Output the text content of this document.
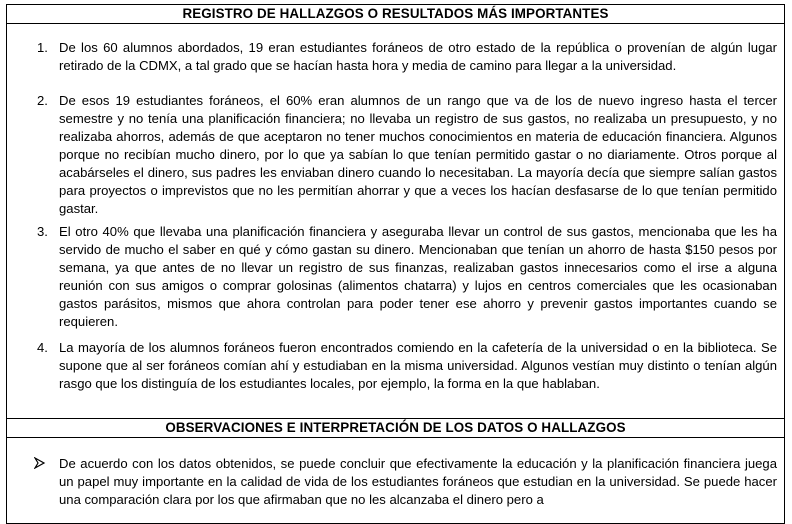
REGISTRO DE HALLAZGOS O RESULTADOS MÁS IMPORTANTES
1. De los 60 alumnos abordados, 19 eran estudiantes foráneos de otro estado de la república o provenían de algún lugar retirado de la CDMX, a tal grado que se hacían hasta hora y media de camino para llegar a la universidad.
2. De esos 19 estudiantes foráneos, el 60% eran alumnos de un rango que va de los de nuevo ingreso hasta el tercer semestre y no tenía una planificación financiera; no llevaba un registro de sus gastos, no realizaba un presupuesto, y no realizaba ahorros, además de que aceptaron no tener muchos conocimientos en materia de educación financiera. Algunos porque no recibían mucho dinero, por lo que ya sabían lo que tenían permitido gastar o no diariamente. Otros porque al acabárseles el dinero, sus padres les enviaban dinero cuando lo necesitaban. La mayoría decía que siempre salían gastos para proyectos o imprevistos que no les permitían ahorrar y que a veces los hacían desfasarse de lo que tenían permitido gastar.
3. El otro 40% que llevaba una planificación financiera y aseguraba llevar un control de sus gastos, mencionaba que les ha servido de mucho el saber en qué y cómo gastan su dinero. Mencionaban que tenían un ahorro de hasta $150 pesos por semana, ya que antes de no llevar un registro de sus finanzas, realizaban gastos innecesarios como el irse a alguna reunión con sus amigos o comprar golosinas (alimentos chatarra) y lujos en centros comerciales que les ocasionaban gastos parásitos, mismos que ahora controlan para poder tener ese ahorro y prevenir gastos importantes cuando se requieren.
4. La mayoría de los alumnos foráneos fueron encontrados comiendo en la cafetería de la universidad o en la biblioteca. Se supone que al ser foráneos comían ahí y estudiaban en la misma universidad. Algunos vestían muy distinto o tenían algún rasgo que los distinguía de los estudiantes locales, por ejemplo, la forma en la que hablaban.
OBSERVACIONES E INTERPRETACIÓN DE LOS DATOS O HALLAZGOS
De acuerdo con los datos obtenidos, se puede concluir que efectivamente la educación y la planificación financiera juega un papel muy importante en la calidad de vida de los estudiantes foráneos que estudian en la universidad. Se puede hacer una comparación clara por los que afirmaban que no les alcanzaba el dinero pero a
